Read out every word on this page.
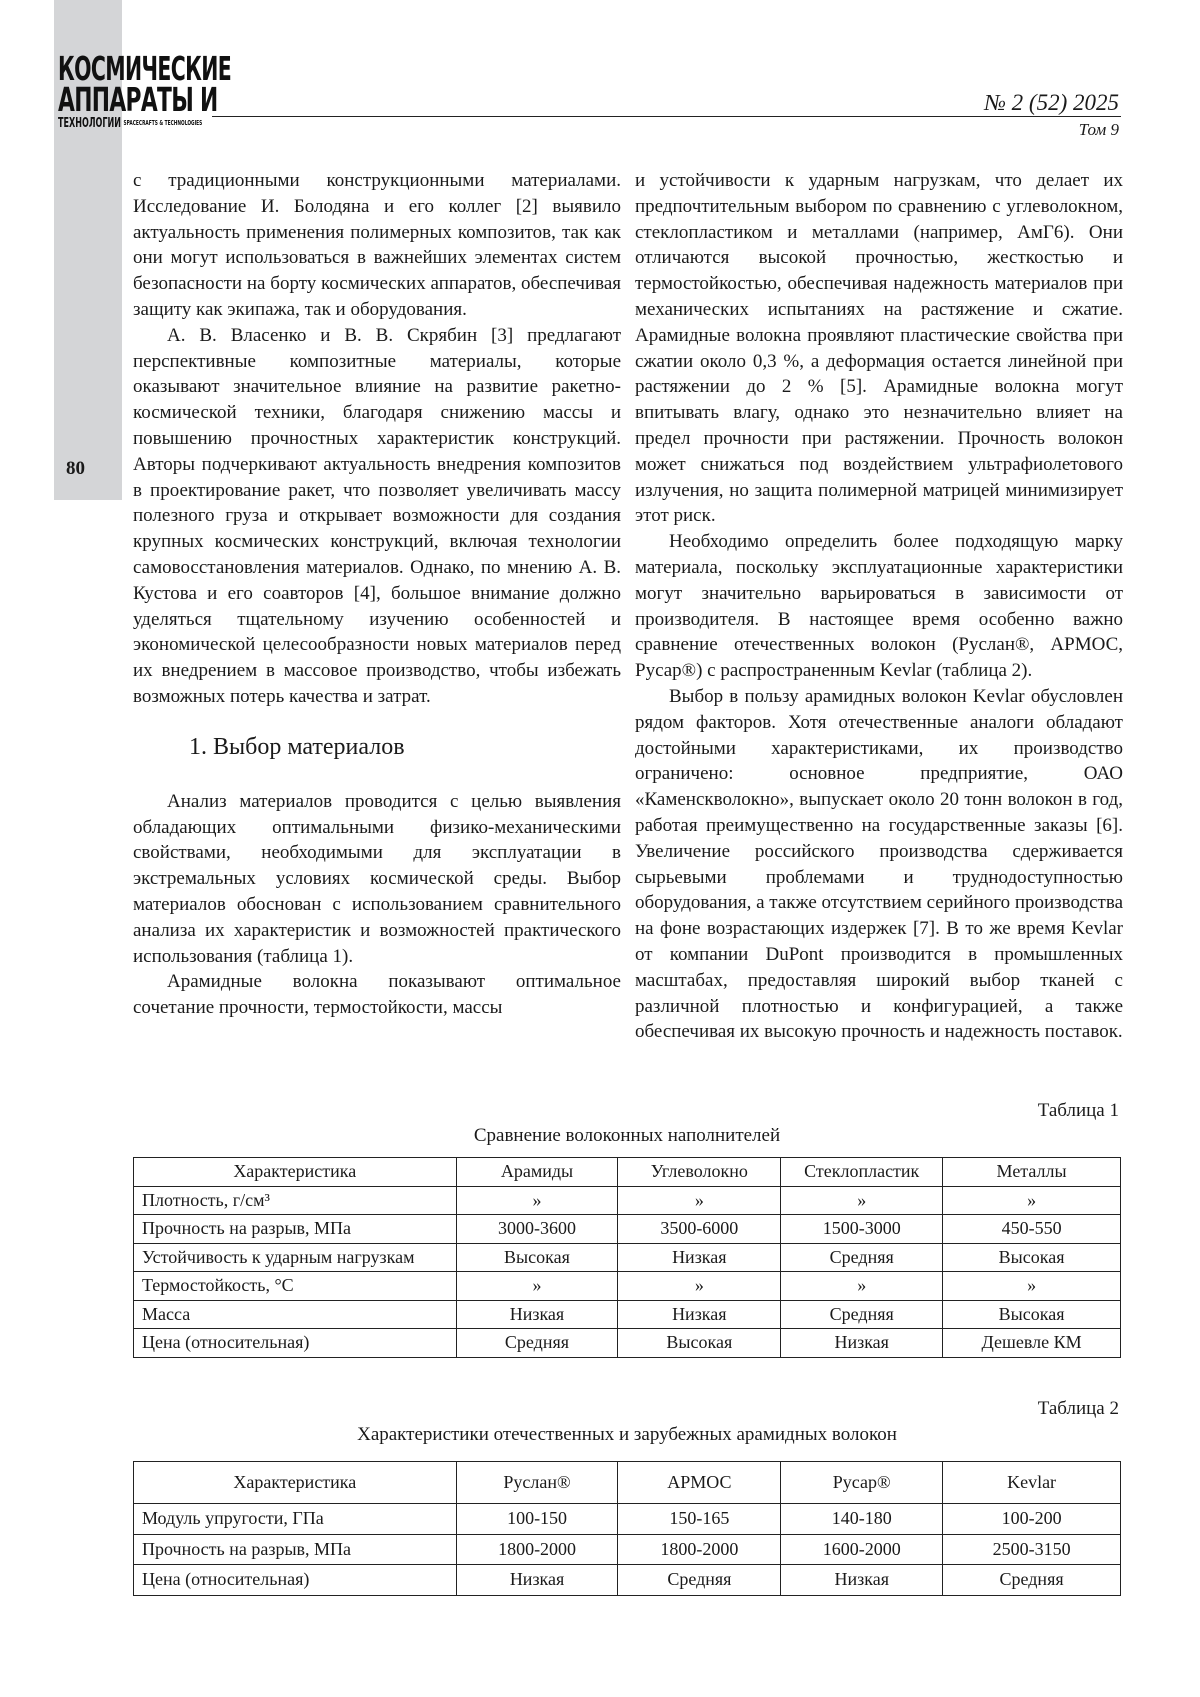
КОСМИЧЕСКИЕ
АППАРАТЫ И
ТЕХНОЛОГИИ SPACECRAFTS & TECHNOLOGIES
№ 2 (52) 2025
Том 9
80

с традиционными конструкционными материалами. Исследование И. Болодяна и его коллег [2] выявило актуальность применения полимерных композитов, так как они могут использоваться в важнейших элементах систем безопасности на борту космических аппаратов, обеспечивая защиту как экипажа, так и оборудования.

А. В. Власенко и В. В. Скрябин [3] предлагают перспективные композитные материалы, которые оказывают значительное влияние на развитие ракетно-космической техники, благодаря снижению массы и повышению прочностных характеристик конструкций. Авторы подчеркивают актуальность внедрения композитов в проектирование ракет, что позволяет увеличивать массу полезного груза и открывает возможности для создания крупных космических конструкций, включая технологии самовосстановления материалов. Однако, по мнению А. В. Кустова и его соавторов [4], большое внимание должно уделяться тщательному изучению особенностей и экономической целесообразности новых материалов перед их внедрением в массовое производство, чтобы избежать возможных потерь качества и затрат.

1. Выбор материалов

Анализ материалов проводится с целью выявления обладающих оптимальными физико-механическими свойствами, необходимыми для эксплуатации в экстремальных условиях космической среды. Выбор материалов обоснован с использованием сравнительного анализа их характеристик и возможностей практического использования (таблица 1).

Арамидные волокна показывают оптимальное сочетание прочности, термостойкости, массы

и устойчивости к ударным нагрузкам, что делает их предпочтительным выбором по сравнению с углеволокном, стеклопластиком и металлами (например, АмГ6). Они отличаются высокой прочностью, жесткостью и термостойкостью, обеспечивая надежность материалов при механических испытаниях на растяжение и сжатие. Арамидные волокна проявляют пластические свойства при сжатии около 0,3 %, а деформация остается линейной при растяжении до 2 % [5]. Арамидные волокна могут впитывать влагу, однако это незначительно влияет на предел прочности при растяжении. Прочность волокон может снижаться под воздействием ультрафиолетового излучения, но защита полимерной матрицей минимизирует этот риск.

Необходимо определить более подходящую марку материала, поскольку эксплуатационные характеристики могут значительно варьироваться в зависимости от производителя. В настоящее время особенно важно сравнение отечественных волокон (Руслан®, АРМОС, Русар®) с распространенным Kevlar (таблица 2).

Выбор в пользу арамидных волокон Kevlar обусловлен рядом факторов. Хотя отечественные аналоги обладают достойными характеристиками, их производство ограничено: основное предприятие, ОАО «Каменскволокно», выпускает около 20 тонн волокон в год, работая преимущественно на государственные заказы [6]. Увеличение российского производства сдерживается сырьевыми проблемами и труднодоступностью оборудования, а также отсутствием серийного производства на фоне возрастающих издержек [7]. В то же время Kevlar от компании DuPont производится в промышленных масштабах, предоставляя широкий выбор тканей с различной плотностью и конфигурацией, а также обеспечивая их высокую прочность и надежность поставок.

Таблица 1
Сравнение волоконных наполнителей
Характеристика	Арамиды	Углеволокно	Стеклопластик	Металлы
Плотность, г/см³	»	»	»	»
Прочность на разрыв, МПа	3000-3600	3500-6000	1500-3000	450-550
Устойчивость к ударным нагрузкам	Высокая	Низкая	Средняя	Высокая
Термостойкость, °С	»	»	»	»
Масса	Низкая	Низкая	Средняя	Высокая
Цена (относительная)	Средняя	Высокая	Низкая	Дешевле КМ
Таблица 2
Характеристики отечественных и зарубежных арамидных волокон
Характеристика	Руслан®	АРМОС	Русар®	Kevlar
Модуль упругости, ГПа	100-150	150-165	140-180	100-200
Прочность на разрыв, МПа	1800-2000	1800-2000	1600-2000	2500-3150
Цена (относительная)	Низкая	Средняя	Низкая	Средняя
